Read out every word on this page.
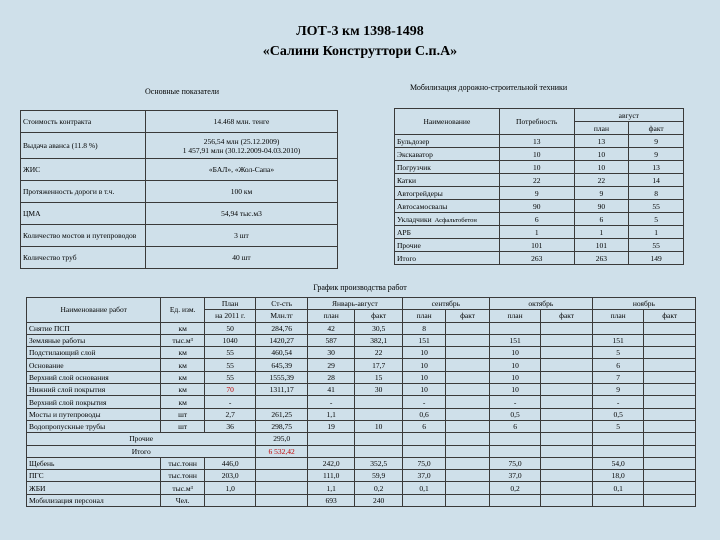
ЛОТ-3 км 1398-1498
«Салини Конструттори С.п.А»
Основные показатели	Мобилизация дорожно-строительной техники
Стоимость контракта	14.468 млн. тенге

Выдача аванса (11.8 %)	256,54 млн (25.12.2009)
1 457,91 млн (30.12.2009-04.03.2010)

ЖИС	«БАЛ», «Жол-Сапа»

Протяженность дороги в т.ч.	100 км

ЦМА	54,94 тыс.м3

Количество мостов и путепроводов	3 шт

Количество труб	40 шт
Наименование	Потребность	август	
		план	факт
Бульдозер	13	13	9
Экскаватор	10	10	9
Погрузчик	10	10	13
Катки	22	22	14
Автогрейдеры	9	9	8
Автосамосвалы	90	90	55
Укладчики Асфальтобетон	6	6	5
АРБ	1	1	1
Прочие	101	101	55
Итого	263	263	149
График производства работ
Наименование работ	Ед. изм.	План	Ст-сть	Январь-август		сентябрь		октябрь		ноябрь	
		на 2011 г.	Млн.тг	план	факт	план	факт	план	факт	план	факт
Снятие ПСП	км	50	284,76	42	30,5	8					
Земляные работы	тыс.м³	1040	1420,27	587	382,1	151		151		151	
Подстилающий слой	км	55	460,54	30	22	10		10		5	
Основание	км	55	645,39	29	17,7	10		10		6	
Верхний слой основания	км	55	1555,39	28	15	10		10		7	
Нижний слой покрытия	км	70	1311,17	41	30	10		10		9	
Верхний слой покрытия	км	-		-		-		-		-	
Мосты и путепроводы	шт	2,7	261,25	1,1		0,6		0,5		0,5	
Водопропускные трубы	шт	36	298,75	19	10	6		6		5	
Прочие			295,0								
Итого			6 532,42								
Щебень	тыс.тонн	446,0		242,0	352,5	75,0		75,0		54,0	
ПГС	тыс.тонн	203,0		111,0	59,9	37,0		37,0		18,0	
ЖБИ	тыс.м³	1,0		1,1	0,2	0,1		0,2		0,1	
Мобилизация персонал	Чел.			693	240						
